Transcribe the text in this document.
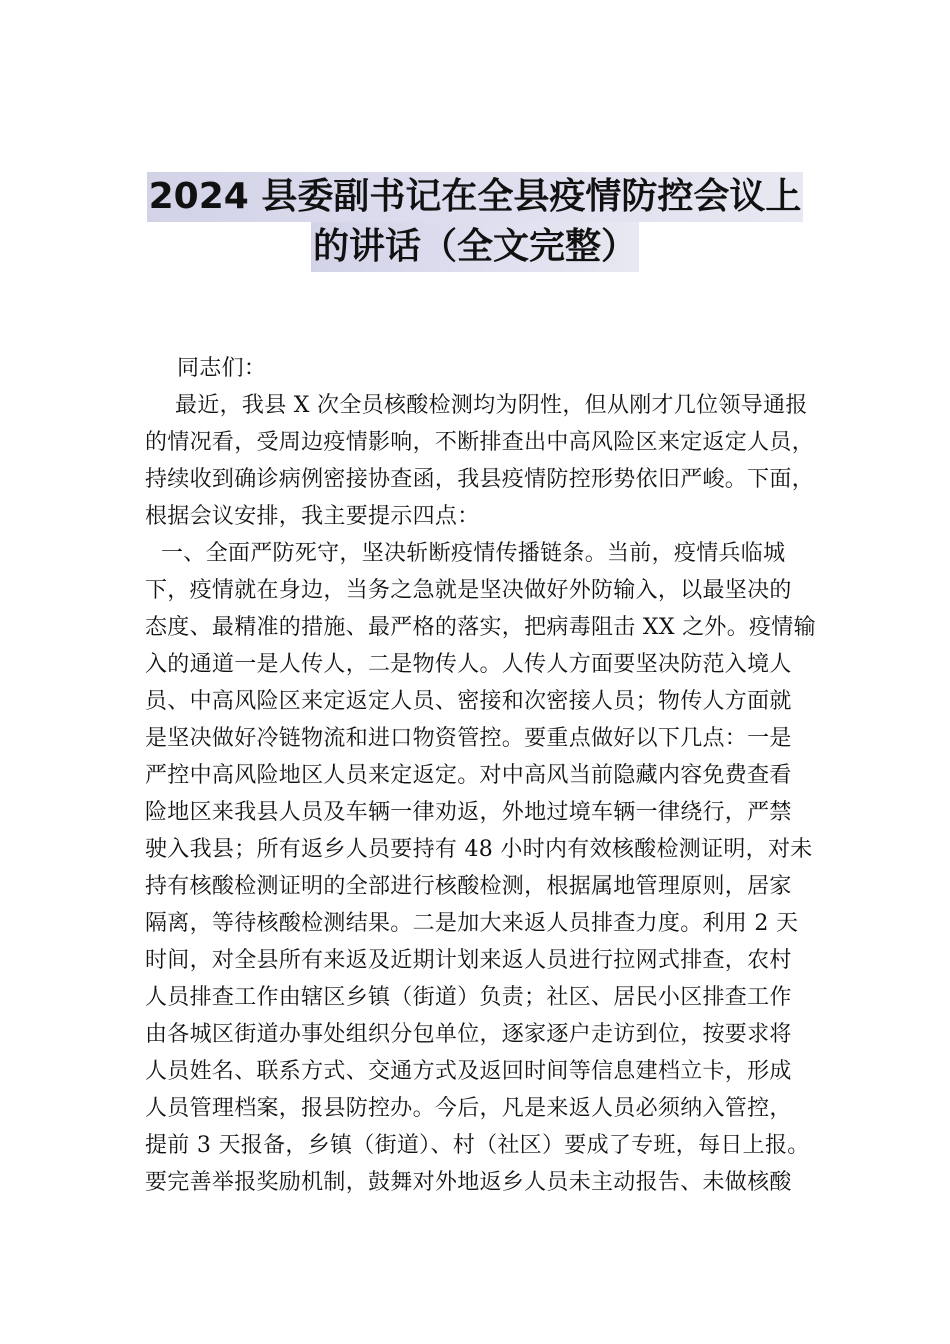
2024 县委副书记在全县疫情防控会议上
的讲话（全文完整）
同志们：
最近，我县 X 次全员核酸检测均为阴性，但从刚才几位领导通报
的情况看，受周边疫情影响，不断排查出中高风险区来定返定人员，
持续收到确诊病例密接协查函，我县疫情防控形势依旧严峻。下面，
根据会议安排，我主要提示四点：
一、全面严防死守，坚决斩断疫情传播链条。当前，疫情兵临城
下，疫情就在身边，当务之急就是坚决做好外防输入，以最坚决的
态度、最精准的措施、最严格的落实，把病毒阻击 XX 之外。疫情输
入的通道一是人传人，二是物传人。人传人方面要坚决防范入境人
员、中高风险区来定返定人员、密接和次密接人员；物传人方面就
是坚决做好冷链物流和进口物资管控。要重点做好以下几点：一是
严控中高风险地区人员来定返定。对中高风当前隐藏内容免费查看
险地区来我县人员及车辆一律劝返，外地过境车辆一律绕行，严禁
驶入我县；所有返乡人员要持有 48 小时内有效核酸检测证明，对未
持有核酸检测证明的全部进行核酸检测，根据属地管理原则，居家
隔离，等待核酸检测结果。二是加大来返人员排查力度。利用 2 天
时间，对全县所有来返及近期计划来返人员进行拉网式排查，农村
人员排查工作由辖区乡镇（街道）负责；社区、居民小区排查工作
由各城区街道办事处组织分包单位，逐家逐户走访到位，按要求将
人员姓名、联系方式、交通方式及返回时间等信息建档立卡，形成
人员管理档案，报县防控办。今后，凡是来返人员必须纳入管控，
提前 3 天报备，乡镇（街道）、村（社区）要成了专班，每日上报。
要完善举报奖励机制，鼓舞对外地返乡人员未主动报告、未做核酸
